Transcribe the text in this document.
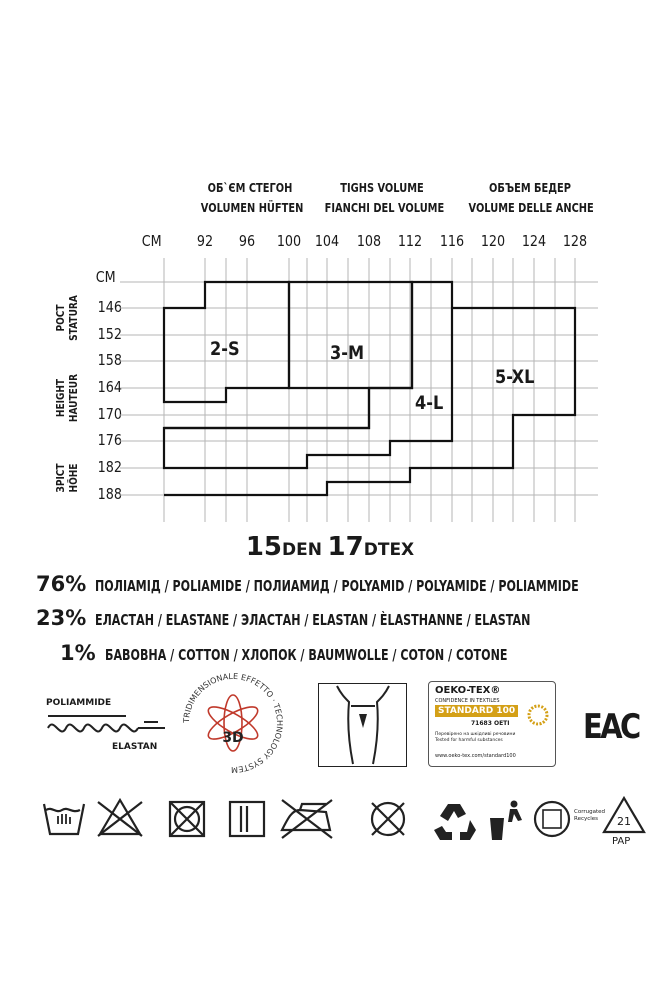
ОБ`ЄМ СТЕГОН
VOLUMEN HÜFTEN
TIGHS VOLUME
FIANCHI DEL VOLUME
ОБЪЕМ БЕДЕР
VOLUME DELLE ANCHE
CM
CM
92	96	100 104	108	112	116	120	124	128
146
152
158
164
170
176
182
188
РОСТ STATURA
HEIGHT HAUTEUR
ЗРІСТ HÖHE
2-S	3-M
4-L
5-XL
15DEN 17DTEX
76% ПОЛІАМІД / POLIAMIDE / ПОЛИАМИД / POLYAMID / POLYAMIDE / POLIAMMIDE
23% ЕЛАСТАН / ELASTANE / ЭЛАСТАН / ELASTAN / ÈLASTHANNE / ELASTAN
1% БАВОВНА / COTTON / ХЛОПОК / BAUMWOLLE / COTON / COTONE
POLIAMMIDE
ELASTAN
TRIDIMENSIONALE EFFETTO · TECHNOLOGY SYSTEM
3D
OEKO-TEX®
CONFIDENCE IN TEXTILES
STANDARD 100
71683 OETI
Перевірено на шкідливі речовини
Tested for harmful substances
www.oeko-tex.com/standard100
EAC
Corrugated Recycles	21
PAP
